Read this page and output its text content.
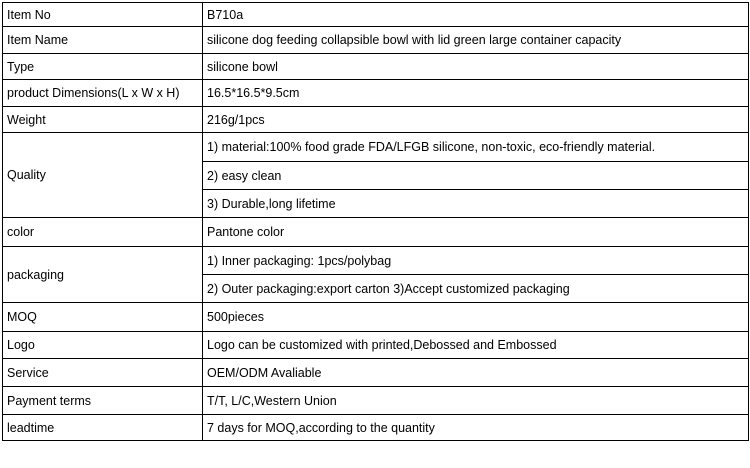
Item No	B710a
Item Name	silicone dog feeding collapsible bowl with lid green large container capacity
Type	silicone bowl
product Dimensions(L x W x H)	16.5*16.5*9.5cm
Weight	216g/1pcs
Quality	1) material:100% food grade FDA/LFGB silicone, non-toxic, eco-friendly material.
	2) easy clean
	3) Durable,long lifetime
color	Pantone color
packaging	1) Inner packaging: 1pcs/polybag
	2) Outer packaging:export carton 3)Accept customized packaging
MOQ	500pieces
Logo	Logo can be customized with printed,Debossed and Embossed
Service	OEM/ODM Avaliable
Payment terms	T/T, L/C,Western Union
leadtime	7 days for MOQ,according to the quantity
